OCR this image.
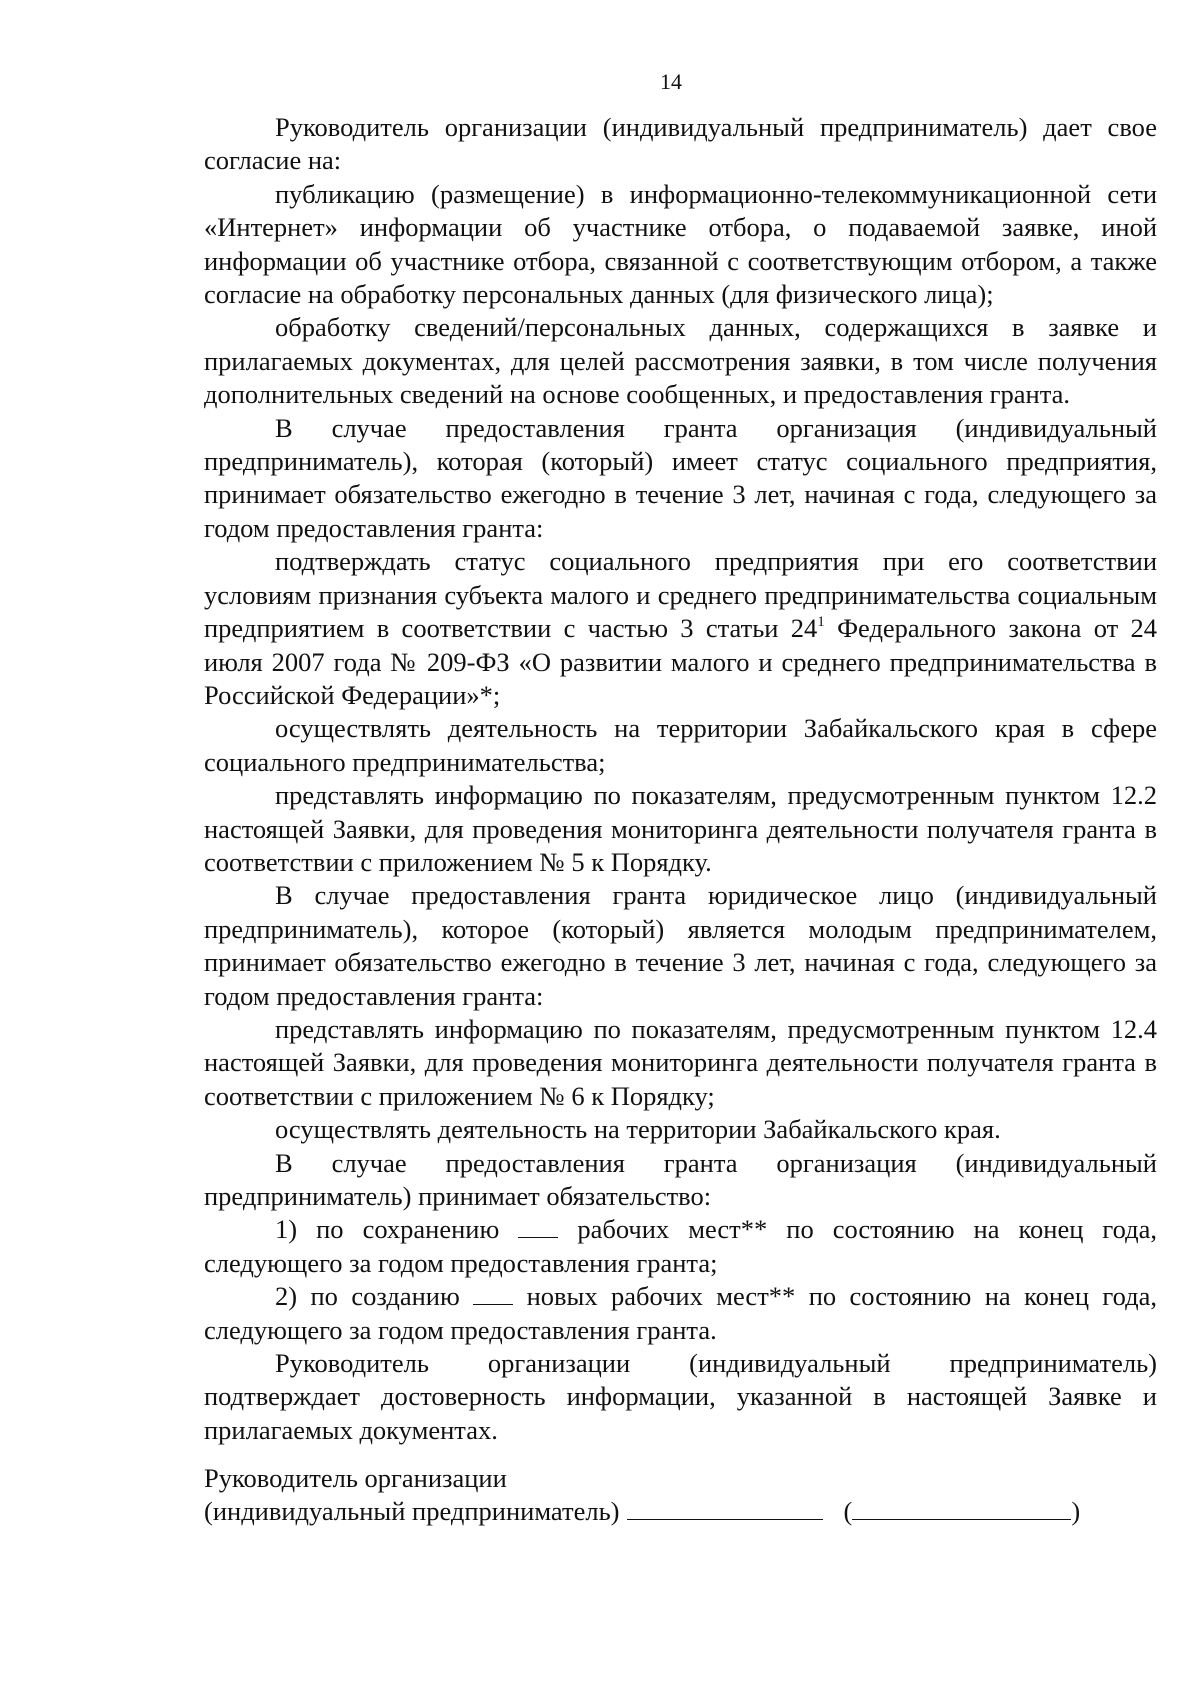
14

Руководитель организации (индивидуальный предприниматель) дает свое согласие на:

публикацию (размещение) в информационно-телекоммуникационной сети «Интернет» информации об участнике отбора, о подаваемой заявке, иной информации об участнике отбора, связанной с соответствующим отбором, а также согласие на обработку персональных данных (для физического лица);

обработку сведений/персональных данных, содержащихся в заявке и прилагаемых документах, для целей рассмотрения заявки, в том числе получения дополнительных сведений на основе сообщенных, и предоставления гранта.

В случае предоставления гранта организация (индивидуальный предприниматель), которая (который) имеет статус социального предприятия, принимает обязательство ежегодно в течение 3 лет, начиная с года, следующего за годом предоставления гранта:

подтверждать статус социального предприятия при его соответствии условиям признания субъекта малого и среднего предпринимательства социальным предприятием в соответствии с частью 3 статьи $24^1$ Федерального закона от 24 июля 2007 года № 209-ФЗ «О развитии малого и среднего предпринимательства в Российской Федерации»*;

осуществлять деятельность на территории Забайкальского края в сфере социального предпринимательства;

представлять информацию по показателям, предусмотренным пунктом 12.2 настоящей Заявки, для проведения мониторинга деятельности получателя гранта в соответствии с приложением № 5 к Порядку.

В случае предоставления гранта юридическое лицо (индивидуальный предприниматель), которое (который) является молодым предпринимателем, принимает обязательство ежегодно в течение 3 лет, начиная с года, следующего за годом предоставления гранта:

представлять информацию по показателям, предусмотренным пунктом 12.4 настоящей Заявки, для проведения мониторинга деятельности получателя гранта в соответствии с приложением № 6 к Порядку;

осуществлять деятельность на территории Забайкальского края.

В случае предоставления гранта организация (индивидуальный предприниматель) принимает обязательство:

1) по сохранению  рабочих мест** по состоянию на конец года, следующего за годом предоставления гранта;

2) по созданию  новых рабочих мест** по состоянию на конец года, следующего за годом предоставления гранта.

Руководитель организации (индивидуальный предприниматель) подтверждает достоверность информации, указанной в настоящей Заявке и прилагаемых документах.

Руководитель организации
(индивидуальный предприниматель)	(	)
